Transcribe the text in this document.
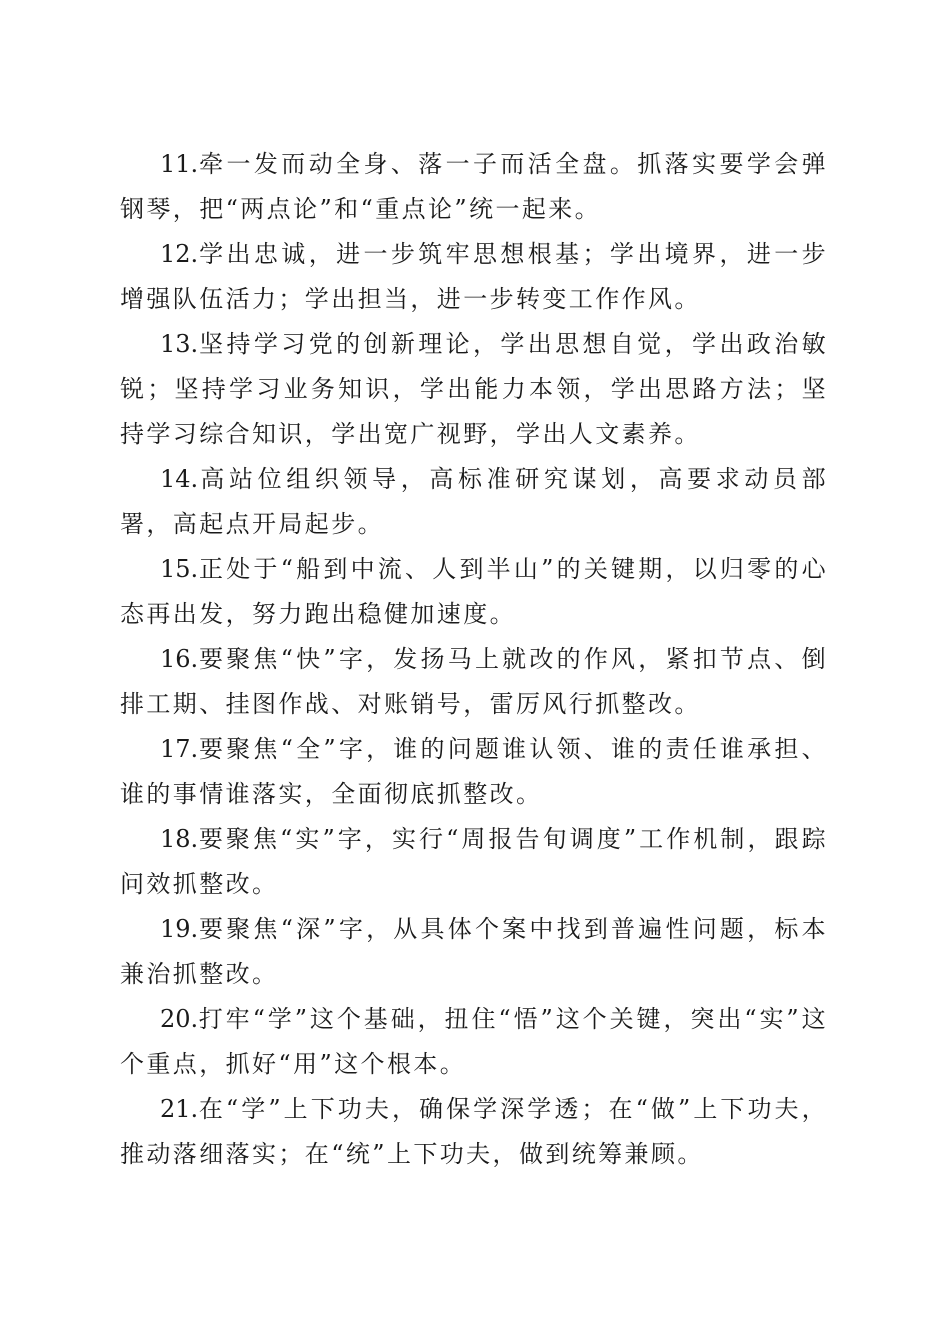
11.牵一发而动全身、落一子而活全盘。抓落实要学会弹钢琴，把“两点论”和“重点论”统一起来。

12.学出忠诚，进一步筑牢思想根基；学出境界，进一步增强队伍活力；学出担当，进一步转变工作作风。

13.坚持学习党的创新理论，学出思想自觉，学出政治敏锐；坚持学习业务知识，学出能力本领，学出思路方法；坚持学习综合知识，学出宽广视野，学出人文素养。

14.高站位组织领导，高标准研究谋划，高要求动员部署，高起点开局起步。

15.正处于“船到中流、人到半山”的关键期，以归零的心态再出发，努力跑出稳健加速度。

16.要聚焦“快”字，发扬马上就改的作风，紧扣节点、倒排工期、挂图作战、对账销号，雷厉风行抓整改。

17.要聚焦“全”字，谁的问题谁认领、谁的责任谁承担、谁的事情谁落实，全面彻底抓整改。

18.要聚焦“实”字，实行“周报告旬调度”工作机制，跟踪问效抓整改。

19.要聚焦“深”字，从具体个案中找到普遍性问题，标本兼治抓整改。

20.打牢“学”这个基础，扭住“悟”这个关键，突出“实”这个重点，抓好“用”这个根本。

21.在“学”上下功夫，确保学深学透；在“做”上下功夫，推动落细落实；在“统”上下功夫，做到统筹兼顾。
